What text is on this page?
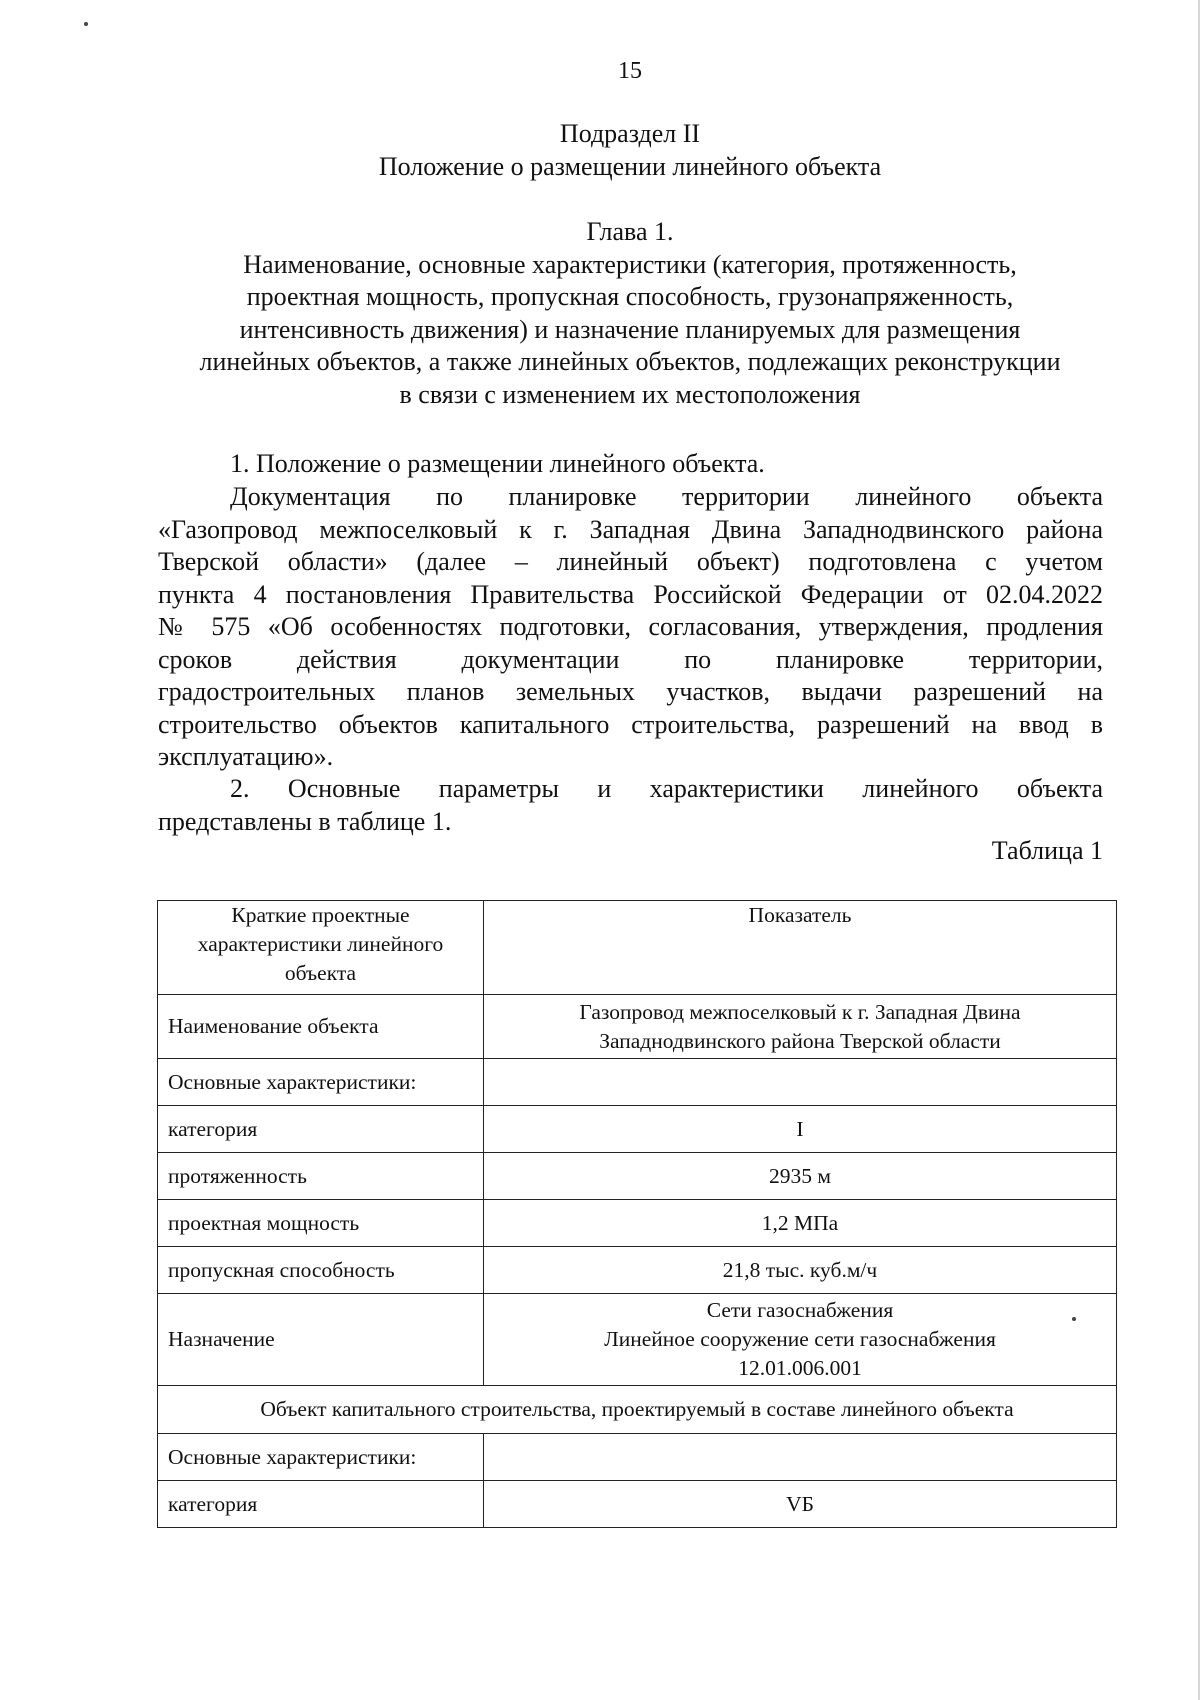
15
Подраздел II
Положение о размещении линейного объекта
Глава 1.
Наименование, основные характеристики (категория, протяженность,
проектная мощность, пропускная способность, грузонапряженность,
интенсивность движения) и назначение планируемых для размещения
линейных объектов, а также линейных объектов, подлежащих реконструкции
в связи с изменением их местоположения
1. Положение о размещении линейного объекта.
Документация по планировке территории линейного объекта
«Газопровод межпоселковый к г. Западная Двина Западнодвинского района
Тверской области» (далее – линейный объект) подготовлена с учетом
пункта 4 постановления Правительства Российской Федерации от 02.04.2022
№ 575 «Об особенностях подготовки, согласования, утверждения, продления
сроков действия документации по планировке территории,
градостроительных планов земельных участков, выдачи разрешений на
строительство объектов капитального строительства, разрешений на ввод в
эксплуатацию».
2. Основные параметры и характеристики линейного объекта
представлены в таблице 1.
Таблица 1
Краткие проектные
характеристики линейного
объекта	Показатель
Наименование объекта	Газопровод межпоселковый к г. Западная Двина
Западнодвинского района Тверской области

Основные характеристики:	
категория	I
протяженность	2935 м
проектная мощность	1,2 МПа
пропускная способность	21,8 тыс. куб.м/ч
Назначение	Сети газоснабжения
Линейное сооружение сети газоснабжения
12.01.006.001

Объект капитального строительства, проектируемый в составе линейного объекта	
Основные характеристики:	
категория	VБ
